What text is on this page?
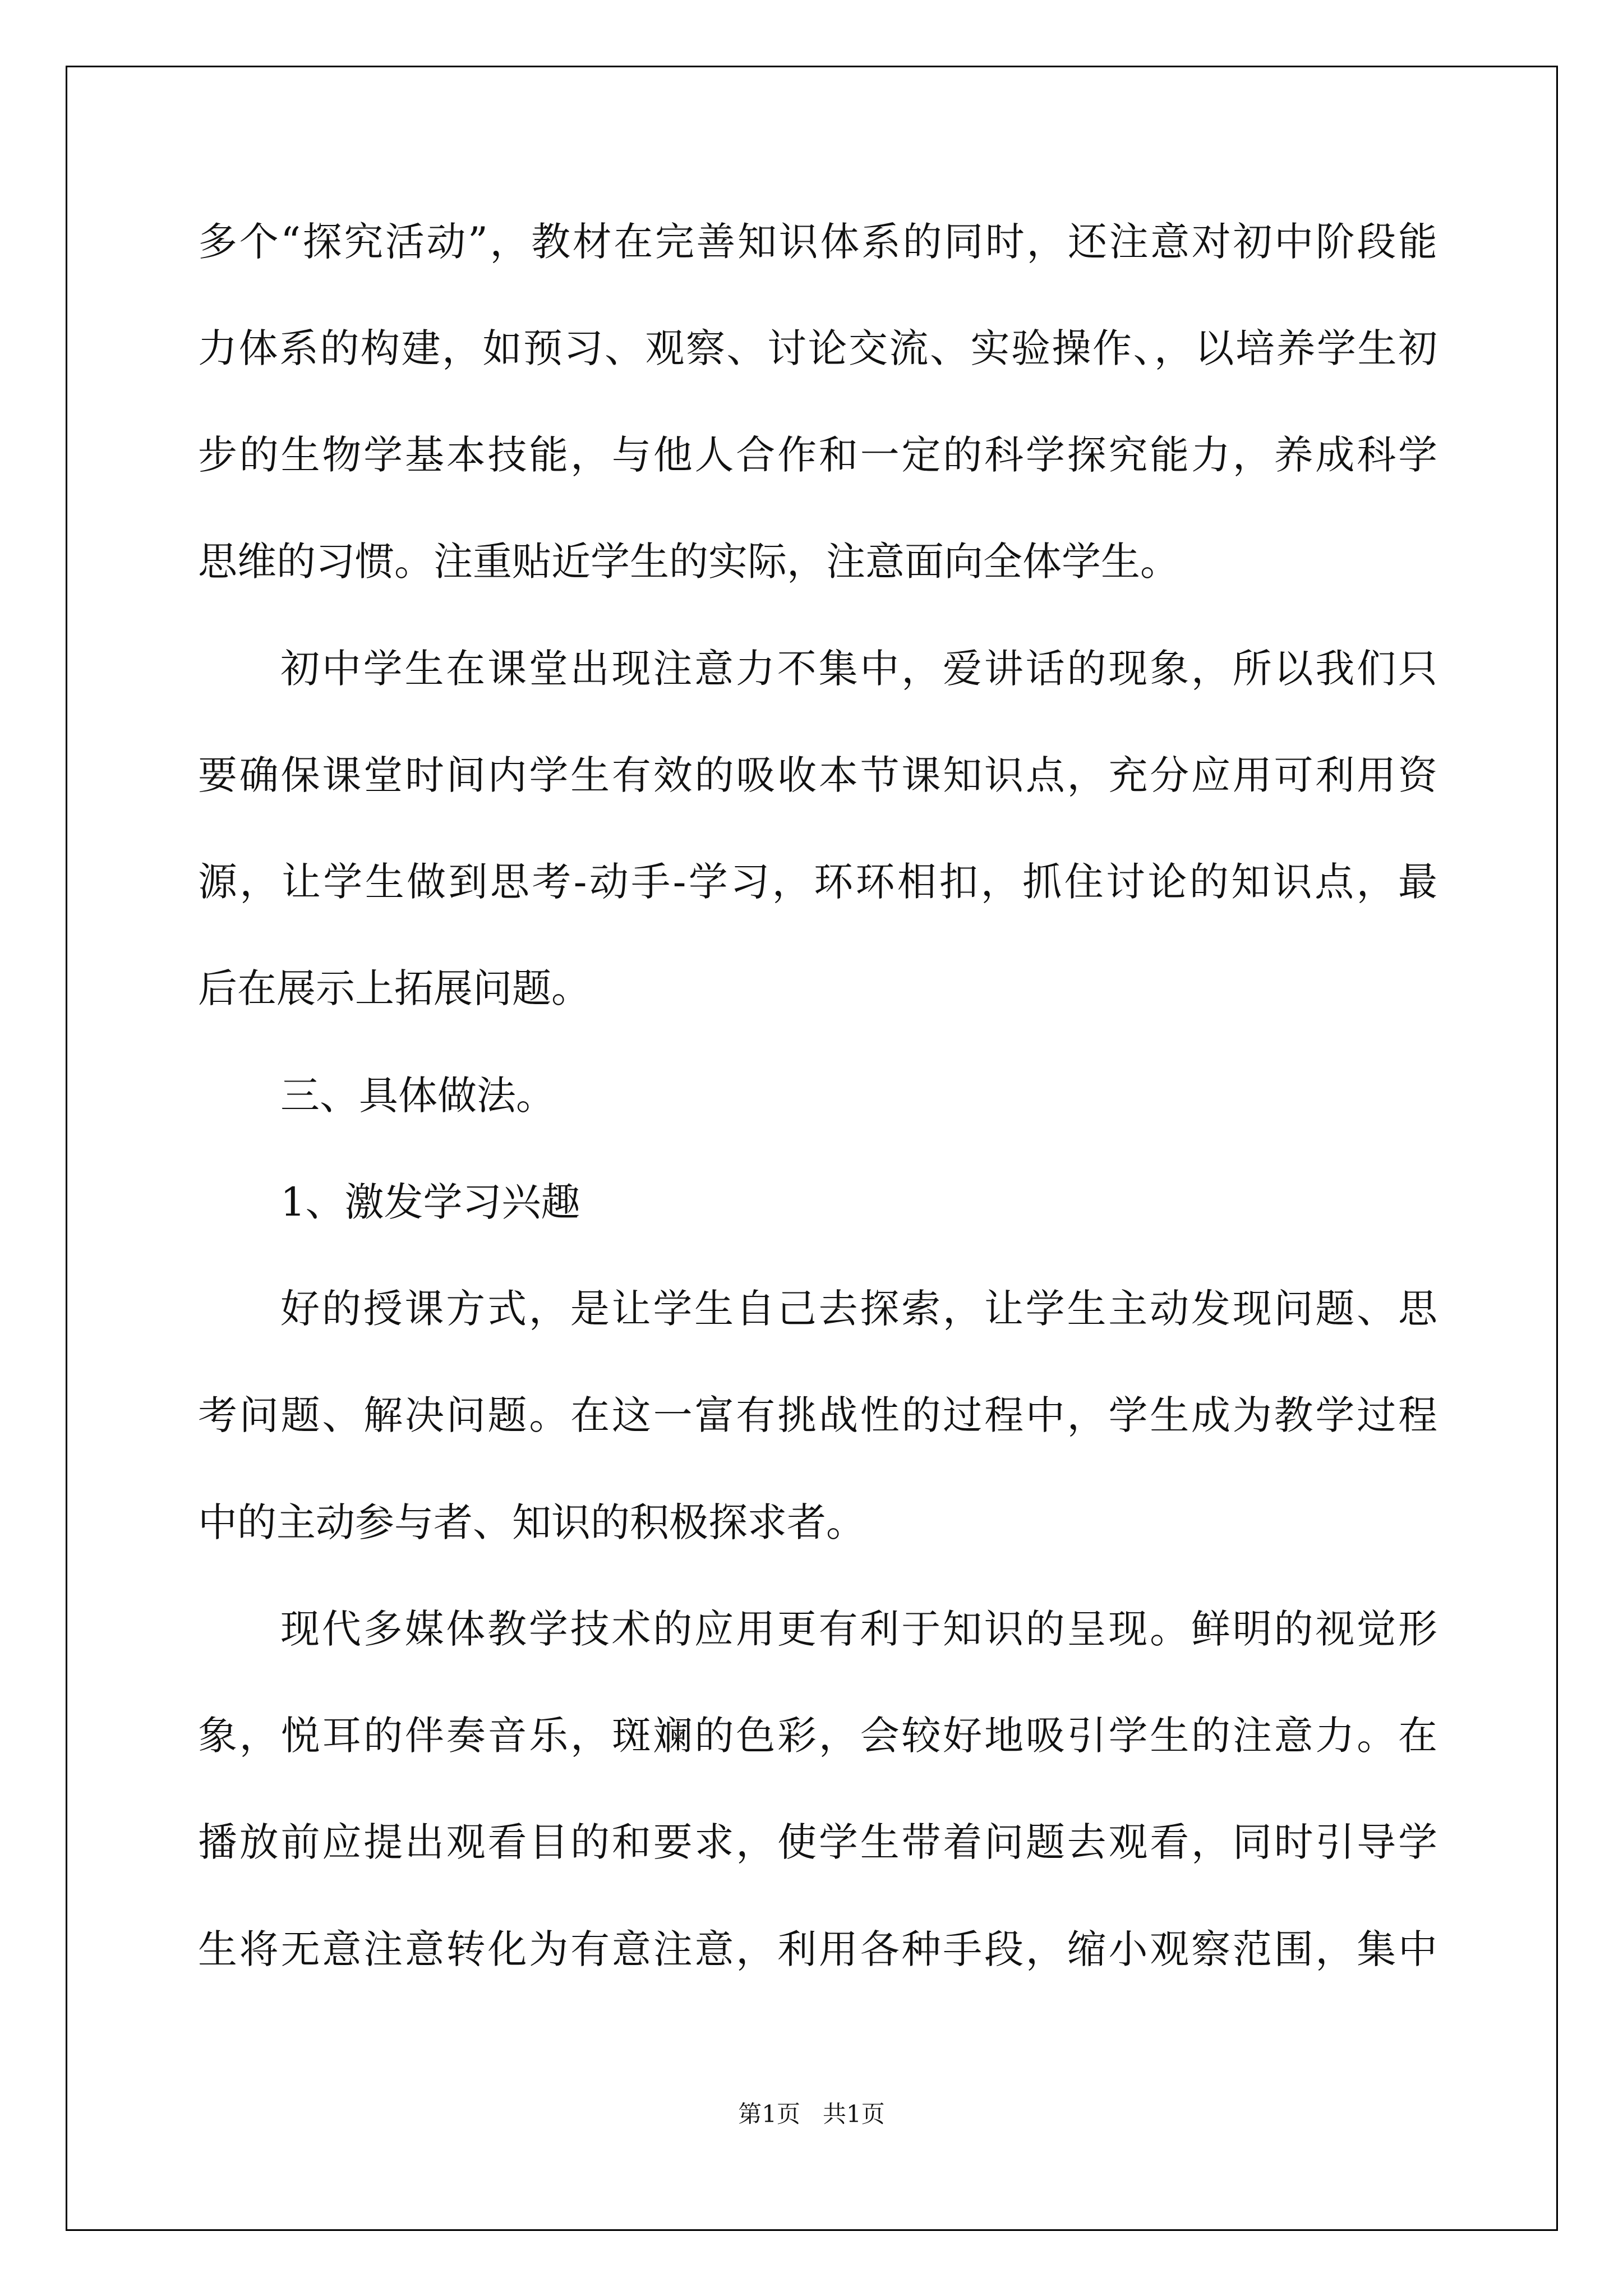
多个“探究活动”，教材在完善知识体系的同时，还注意对初中阶段能
力体系的构建，如预习、观察、讨论交流、实验操作、，以培养学生初
步的生物学基本技能，与他人合作和一定的科学探究能力，养成科学
思维的习惯。注重贴近学生的实际，注意面向全体学生。
初中学生在课堂出现注意力不集中，爱讲话的现象，所以我们只
要确保课堂时间内学生有效的吸收本节课知识点，充分应用可利用资
源，让学生做到思考-动手-学习，环环相扣，抓住讨论的知识点，最
后在展示上拓展问题。
三、具体做法。
1、激发学习兴趣
好的授课方式，是让学生自己去探索，让学生主动发现问题、思
考问题、解决问题。在这一富有挑战性的过程中，学生成为教学过程
中的主动参与者、知识的积极探求者。
现代多媒体教学技术的应用更有利于知识的呈现。鲜明的视觉形
象，悦耳的伴奏音乐，斑斓的色彩，会较好地吸引学生的注意力。在
播放前应提出观看目的和要求，使学生带着问题去观看，同时引导学
生将无意注意转化为有意注意，利用各种手段，缩小观察范围，集中
第1页   共1页
